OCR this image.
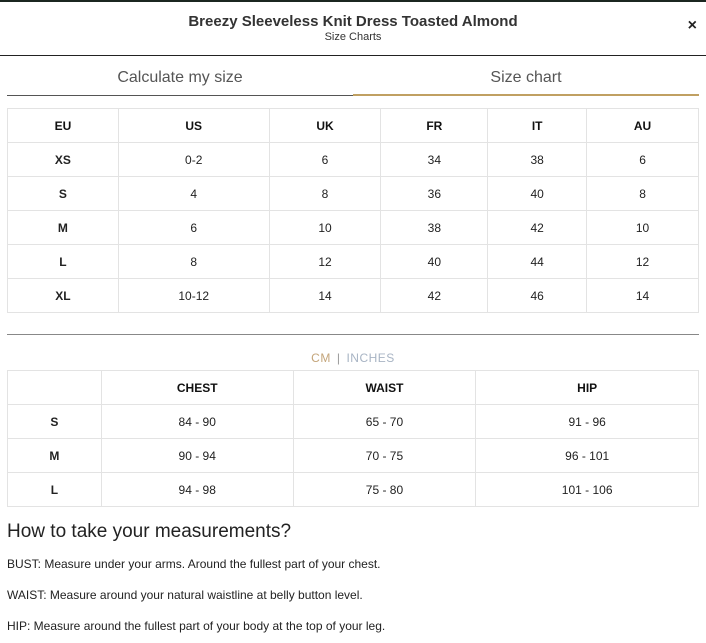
Breezy Sleeveless Knit Dress Toasted Almond
Size Charts
×
Calculate my size	Size chart
EU	US	UK	FR	IT	AU
XS	0-2	6	34	38	6
S	4	8	36	40	8
M	6	10	38	42	10
L	8	12	40	44	12
XL	10-12	14	42	46	14
CM | INCHES
	CHEST	WAIST	HIP
S	84 - 90	65 - 70	91 - 96
M	90 - 94	70 - 75	96 - 101
L	94 - 98	75 - 80	101 - 106
How to take your measurements?

BUST: Measure under your arms. Around the fullest part of your chest.

WAIST: Measure around your natural waistline at belly button level.

HIP: Measure around the fullest part of your body at the top of your leg.
